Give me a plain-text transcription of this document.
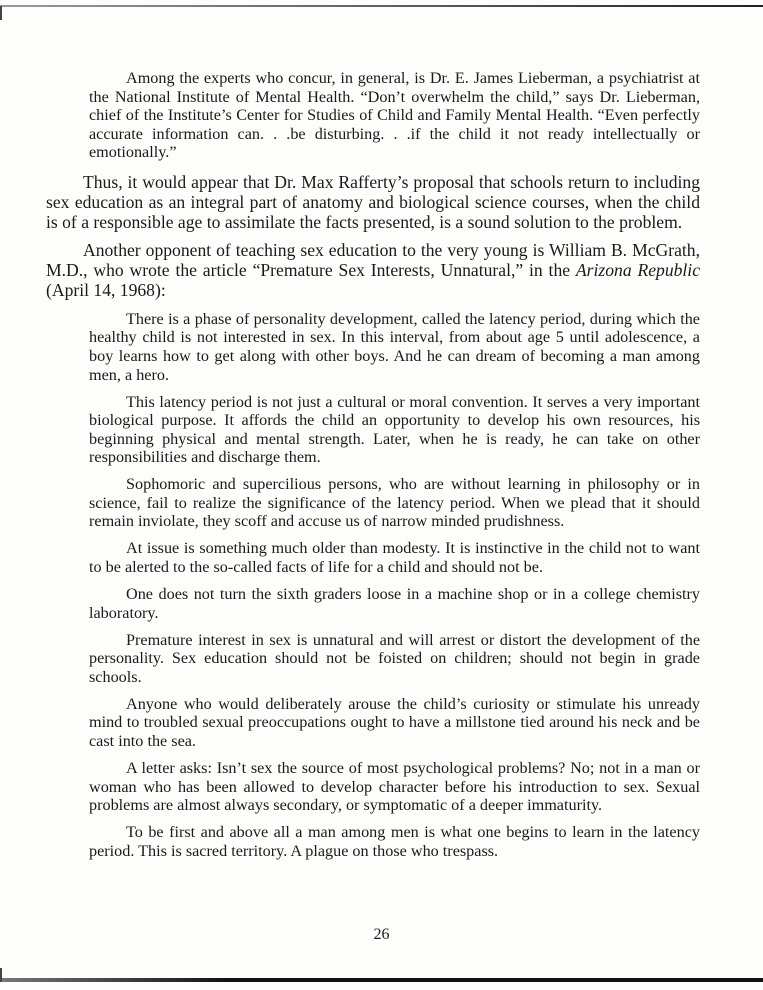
Among the experts who concur, in general, is Dr. E. James Lieberman, a psychiatrist at the National Institute of Mental Health. “Don’t overwhelm the child,” says Dr. Lieberman, chief of the Institute’s Center for Studies of Child and Family Mental Health. “Even perfectly accurate information can. . .be disturbing. . .if the child it not ready intellectually or emotionally.”

Thus, it would appear that Dr. Max Rafferty’s proposal that schools return to including sex education as an integral part of anatomy and biological science courses, when the child is of a responsible age to assimilate the facts presented, is a sound solution to the problem.

Another opponent of teaching sex education to the very young is William B. McGrath, M.D., who wrote the article “Premature Sex Interests, Unnatural,” in the Arizona Republic (April 14, 1968):

There is a phase of personality development, called the latency period, during which the healthy child is not interested in sex. In this interval, from about age 5 until adolescence, a boy learns how to get along with other boys. And he can dream of becoming a man among men, a hero.

This latency period is not just a cultural or moral convention. It serves a very important biological purpose. It affords the child an opportunity to develop his own resources, his beginning physical and mental strength. Later, when he is ready, he can take on other responsibilities and discharge them.

Sophomoric and supercilious persons, who are without learning in philosophy or in science, fail to realize the significance of the latency period. When we plead that it should remain inviolate, they scoff and accuse us of narrow minded prudishness.

At issue is something much older than modesty. It is instinctive in the child not to want to be alerted to the so-called facts of life for a child and should not be.

One does not turn the sixth graders loose in a machine shop or in a college chemistry laboratory.

Premature interest in sex is unnatural and will arrest or distort the development of the personality. Sex education should not be foisted on children; should not begin in grade schools.

Anyone who would deliberately arouse the child’s curiosity or stimulate his unready mind to troubled sexual preoccupations ought to have a millstone tied around his neck and be cast into the sea.

A letter asks: Isn’t sex the source of most psychological problems? No; not in a man or woman who has been allowed to develop character before his introduction to sex. Sexual problems are almost always secondary, or symptomatic of a deeper immaturity.

To be first and above all a man among men is what one begins to learn in the latency period. This is sacred territory. A plague on those who trespass.

26
